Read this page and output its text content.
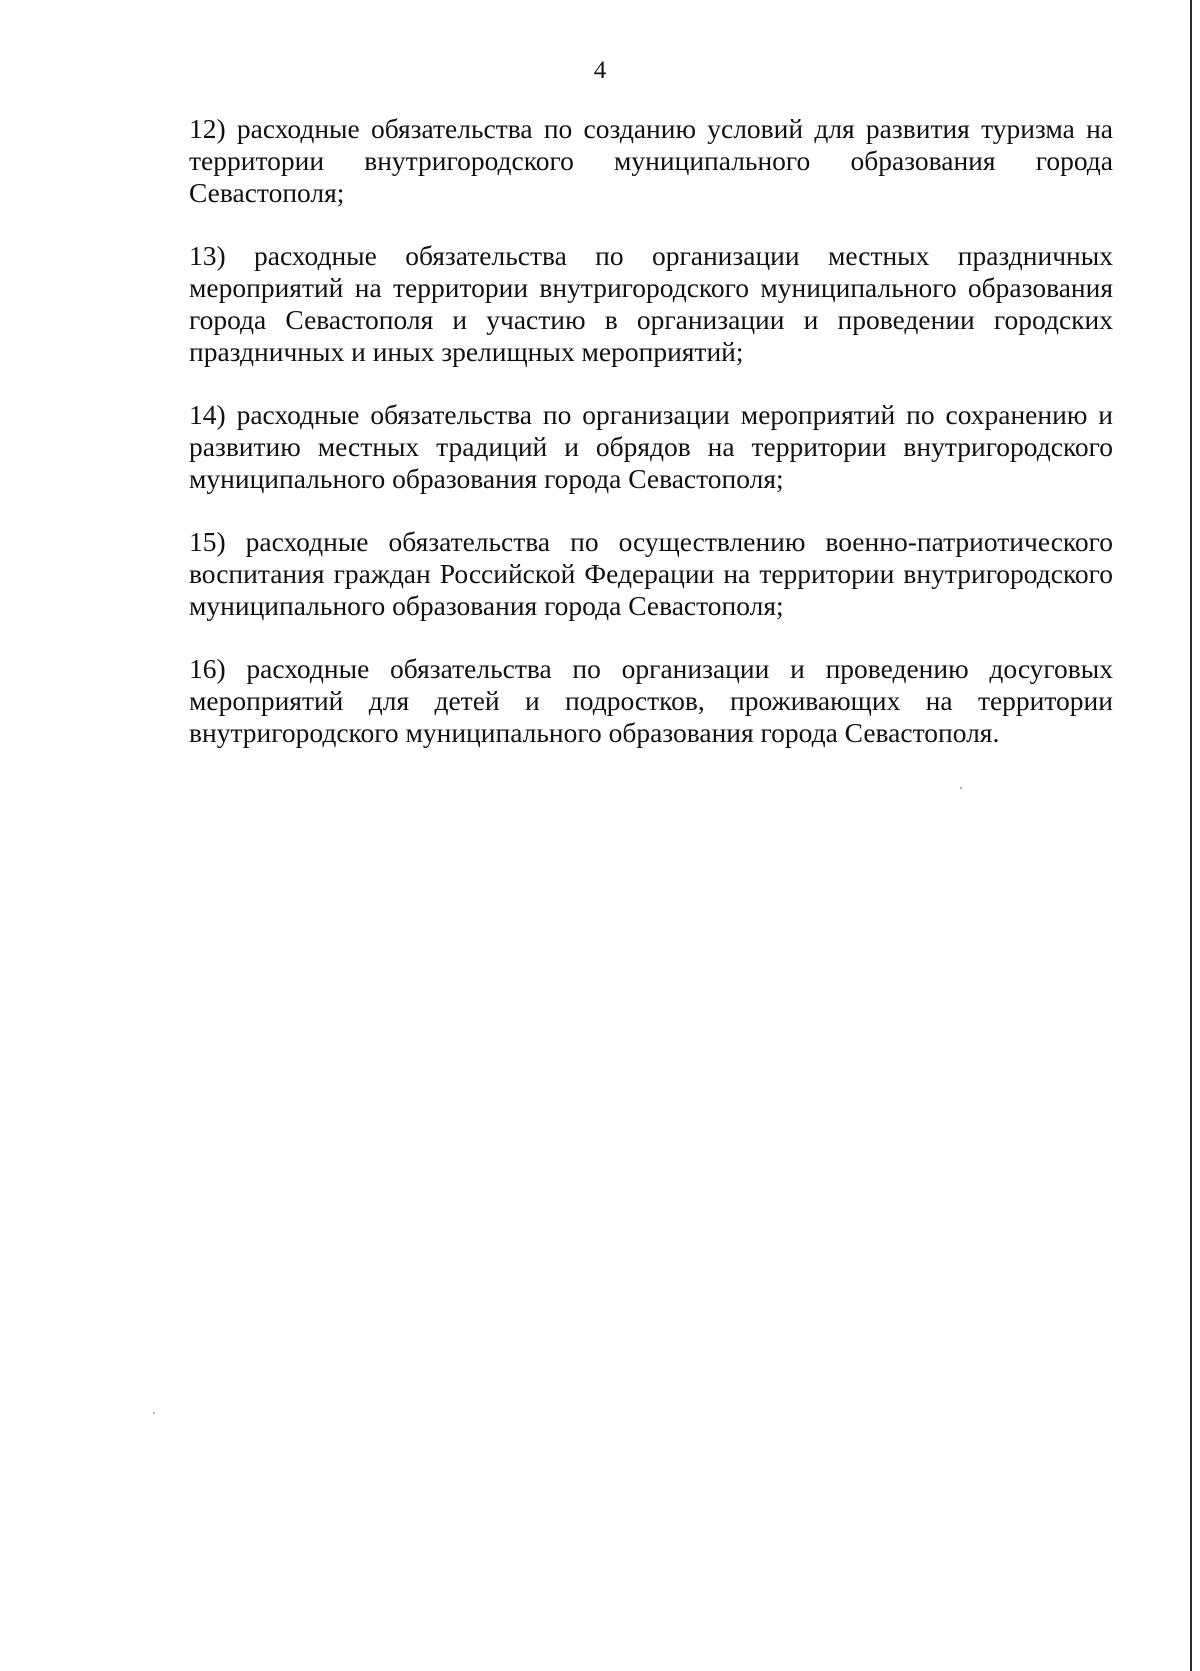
4

12) расходные обязательства по созданию условий для развития туризма на территории внутригородского муниципального образования города Севастополя;

13) расходные обязательства по организации местных праздничных мероприятий на территории внутригородского муниципального образования города Севастополя и участию в организации и проведении городских праздничных и иных зрелищных мероприятий;

14) расходные обязательства по организации мероприятий по сохранению и развитию местных традиций и обрядов на территории внутригородского муниципального образования города Севастополя;

15) расходные обязательства по осуществлению военно-патриотического воспитания граждан Российской Федерации на территории внутригородского муниципального образования города Севастополя;

16) расходные обязательства по организации и проведению досуговых мероприятий для детей и подростков, проживающих на территории внутригородского муниципального образования города Севастополя.
